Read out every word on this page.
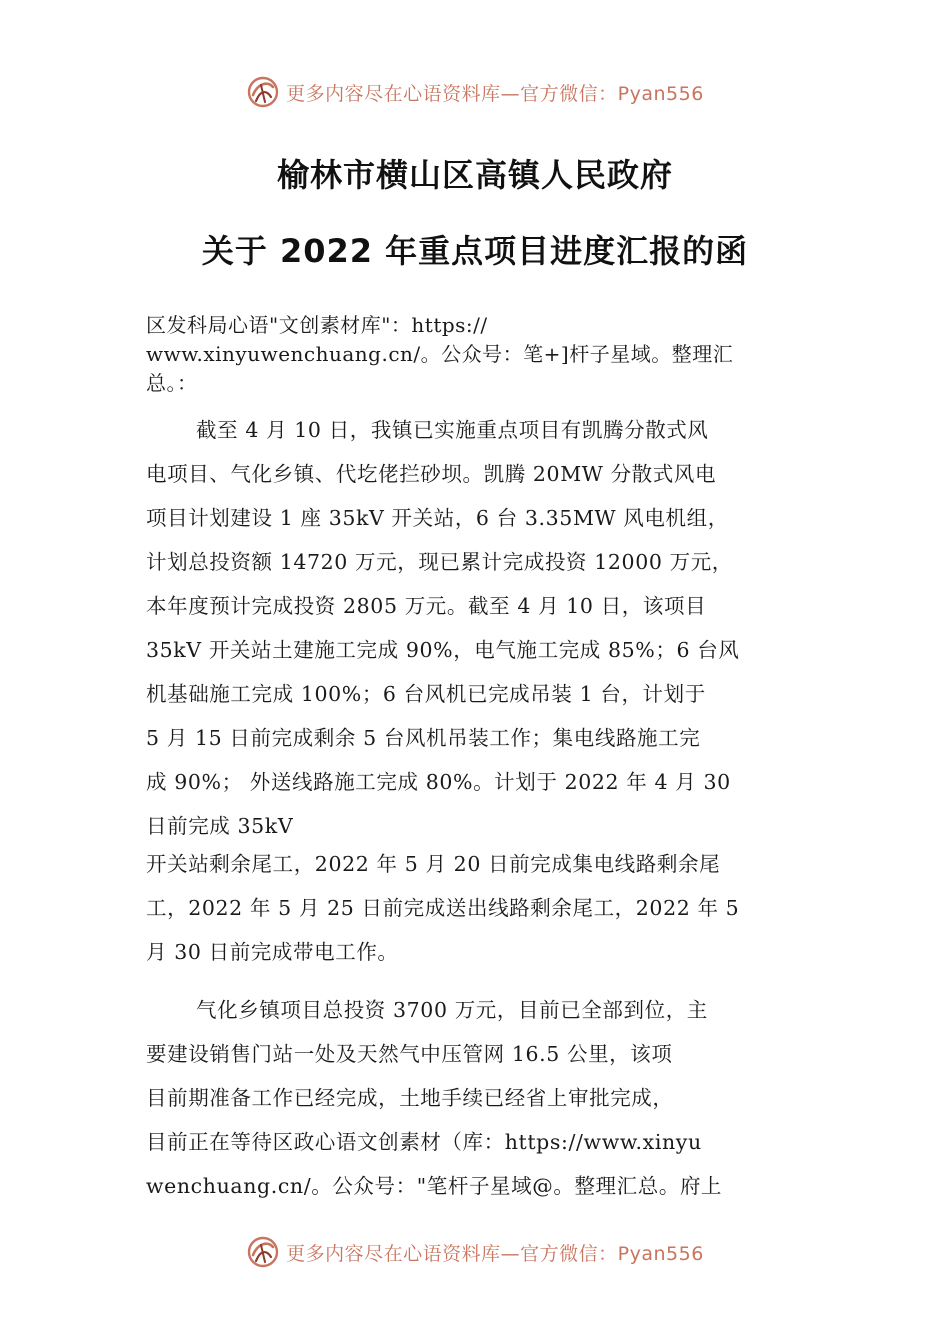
更多内容尽在心语资料库—官方微信：Pyan556
榆林市横山区高镇人民政府
关于 2022 年重点项目进度汇报的函
区发科局心语"文创素材库"：https://
www.xinyuwenchuang.cn/。公众号：笔+]杆子星域。整理汇
总。：
截至 4 月 10 日，我镇已实施重点项目有凯腾分散式风
电项目、气化乡镇、代圪佬拦砂坝。凯腾 20MW 分散式风电
项目计划建设 1 座 35kV 开关站，6 台 3.35MW 风电机组，
计划总投资额 14720 万元，现已累计完成投资 12000 万元，
本年度预计完成投资 2805 万元。截至 4 月 10 日，该项目
35kV 开关站土建施工完成 90%，电气施工完成 85%；6 台风
机基础施工完成 100%；6 台风机已完成吊装 1 台，计划于
5 月 15 日前完成剩余 5 台风机吊装工作；集电线路施工完
成 90%； 外送线路施工完成 80%。计划于 2022 年 4 月 30
日前完成 35kV
开关站剩余尾工，2022 年 5 月 20 日前完成集电线路剩余尾
工，2022 年 5 月 25 日前完成送出线路剩余尾工，2022 年 5
月 30 日前完成带电工作。
气化乡镇项目总投资 3700 万元，目前已全部到位，主
要建设销售门站一处及天然气中压管网 16.5 公里，该项
目前期准备工作已经完成，土地手续已经省上审批完成，
目前正在等待区政心语文创素材（库：https://www.xinyu
wenchuang.cn/。公众号："笔杆子星域@。整理汇总。府上
更多内容尽在心语资料库—官方微信：Pyan556
